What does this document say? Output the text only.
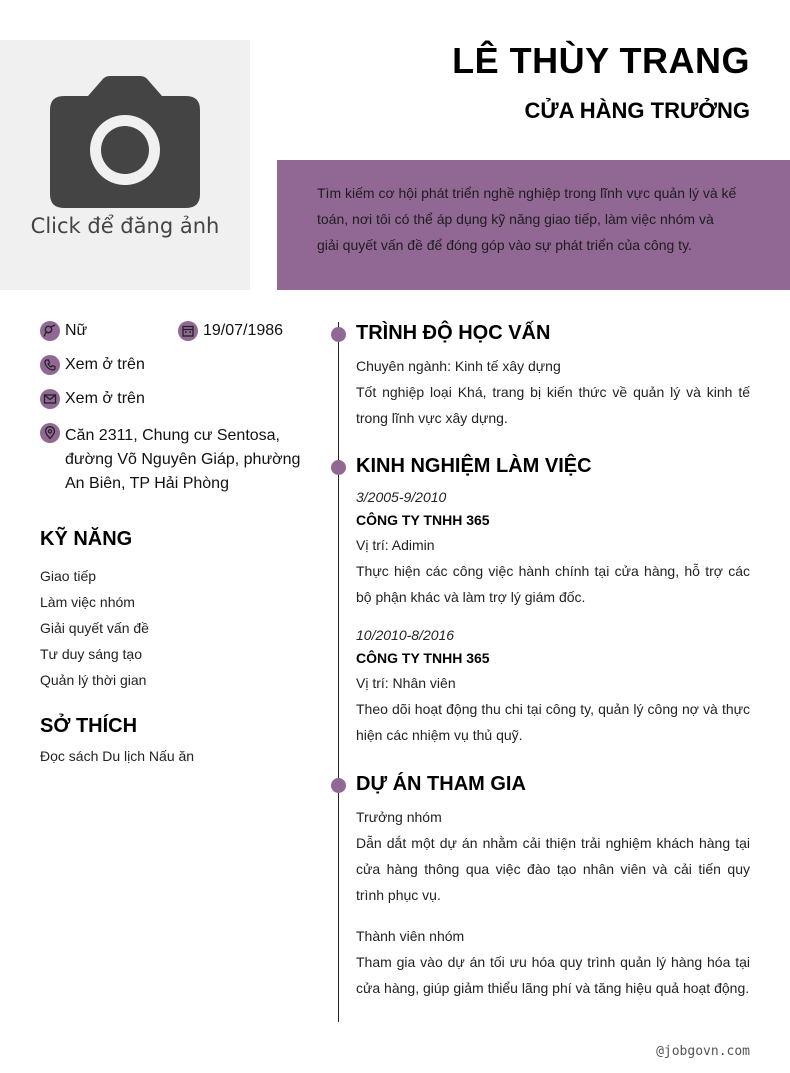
Click để đăng ảnh
LÊ THÙY TRANG
CỬA HÀNG TRƯỞNG

Tìm kiếm cơ hội phát triển nghề nghiệp trong lĩnh vực quản lý và kế toán, nơi tôi có thể áp dụng kỹ năng giao tiếp, làm việc nhóm và giải quyết vấn đề để đóng góp vào sự phát triển của công ty.

Nữ	19/07/1986
Xem ở trên
Xem ở trên
Căn 2311, Chung cư Sentosa, đường Võ Nguyên Giáp, phường An Biên, TP Hải Phòng
KỸ NĂNG
Giao tiếp
Làm việc nhóm
Giải quyết vấn đề
Tư duy sáng tạo
Quản lý thời gian
SỞ THÍCH
Đọc sách Du lịch Nấu ăn
TRÌNH ĐỘ HỌC VẤN
Chuyên ngành: Kinh tế xây dựng
Tốt nghiệp loại Khá, trang bị kiến thức về quản lý và kinh tế trong lĩnh vực xây dựng.
KINH NGHIỆM LÀM VIỆC
3/2005-9/2010
CÔNG TY TNHH 365
Vị trí: Adimin
Thực hiện các công việc hành chính tại cửa hàng, hỗ trợ các bộ phận khác và làm trợ lý giám đốc.
10/2010-8/2016
CÔNG TY TNHH 365
Vị trí: Nhân viên
Theo dõi hoạt động thu chi tại công ty, quản lý công nợ và thực hiện các nhiệm vụ thủ quỹ.
DỰ ÁN THAM GIA
Trưởng nhóm
Dẫn dắt một dự án nhằm cải thiện trải nghiệm khách hàng tại cửa hàng thông qua việc đào tạo nhân viên và cải tiến quy trình phục vụ.
Thành viên nhóm
Tham gia vào dự án tối ưu hóa quy trình quản lý hàng hóa tại cửa hàng, giúp giảm thiểu lãng phí và tăng hiệu quả hoạt động.
@jobgovn.com
